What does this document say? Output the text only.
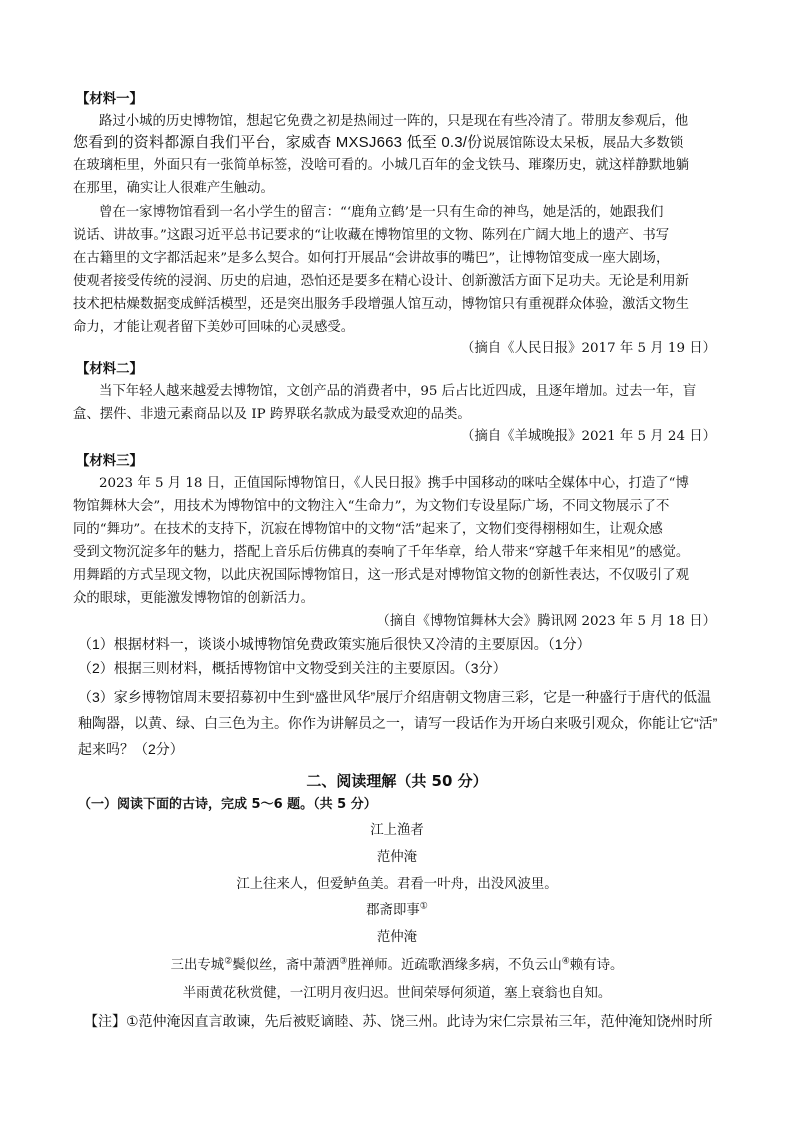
【材料一】
路过小城的历史博物馆，想起它免费之初是热闹过一阵的，只是现在有些冷清了。带朋友参观后，他
您看到的资料都源自我们平台，家威杳 MXSJ663 低至 0.3/份说展馆陈设太呆板，展品大多数锁
在玻璃柜里，外面只有一张简单标签，没啥可看的。小城几百年的金戈铁马、璀璨历史，就这样静默地躺
在那里，确实让人很难产生触动。
曾在一家博物馆看到一名小学生的留言：“‘鹿角立鹤’是一只有生命的神鸟，她是活的，她跟我们
说话、讲故事。”这跟习近平总书记要求的“让收藏在博物馆里的文物、陈列在广阔大地上的遗产、书写
在古籍里的文字都活起来”是多么契合。如何打开展品“会讲故事的嘴巴”，让博物馆变成一座大剧场，
使观者接受传统的浸润、历史的启迪，恐怕还是要多在精心设计、创新激活方面下足功夫。无论是利用新
技术把枯燥数据变成鲜活模型，还是突出服务手段增强人馆互动，博物馆只有重视群众体验，激活文物生
命力，才能让观者留下美妙可回味的心灵感受。
（摘自《人民日报》2017 年 5 月 19 日）
【材料二】
当下年轻人越来越爱去博物馆，文创产品的消费者中，95 后占比近四成，且逐年增加。过去一年，盲
盒、摆件、非遗元素商品以及 IP 跨界联名款成为最受欢迎的品类。
（摘自《羊城晚报》2021 年 5 月 24 日）
【材料三】
2023 年 5 月 18 日，正值国际博物馆日，《人民日报》携手中国移动的咪咕全媒体中心，打造了“博
物馆舞林大会”，用技术为博物馆中的文物注入“生命力”，为文物们专设星际广场，不同文物展示了不
同的“舞功”。在技术的支持下，沉寂在博物馆中的文物“活”起来了，文物们变得栩栩如生，让观众感
受到文物沉淀多年的魅力，搭配上音乐后仿佛真的奏响了千年华章，给人带来“穿越千年来相见”的感觉。
用舞蹈的方式呈现文物，以此庆祝国际博物馆日，这一形式是对博物馆文物的创新性表达，不仅吸引了观
众的眼球，更能激发博物馆的创新活力。
（摘自《博物馆舞林大会》腾讯网 2023 年 5 月 18 日）
（1）根据材料一，谈谈小城博物馆免费政策实施后很快又冷清的主要原因。（1分）
（2）根据三则材料，概括博物馆中文物受到关注的主要原因。（3分）
（3）家乡博物馆周末要招募初中生到“盛世风华”展厅介绍唐朝文物唐三彩，它是一种盛行于唐代的低温
釉陶器，以黄、绿、白三色为主。你作为讲解员之一，请写一段话作为开场白来吸引观众，你能让它“活”
起来吗？（2分）
二、阅读理解（共 50 分）
（一）阅读下面的古诗，完成 5～6 题。（共 5 分）
江上渔者
范仲淹
江上往来人，但爱鲈鱼美。君看一叶舟，出没风波里。
郡斋即事①
范仲淹
三出专城②鬓似丝，斋中萧洒③胜禅师。近疏歌酒缘多病，不负云山④赖有诗。
半雨黄花秋赏健，一江明月夜归迟。世间荣辱何须道，塞上衰翁也自知。
【注】①范仲淹因直言敢谏，先后被贬谪睦、苏、饶三州。此诗为宋仁宗景祐三年，范仲淹知饶州时所
